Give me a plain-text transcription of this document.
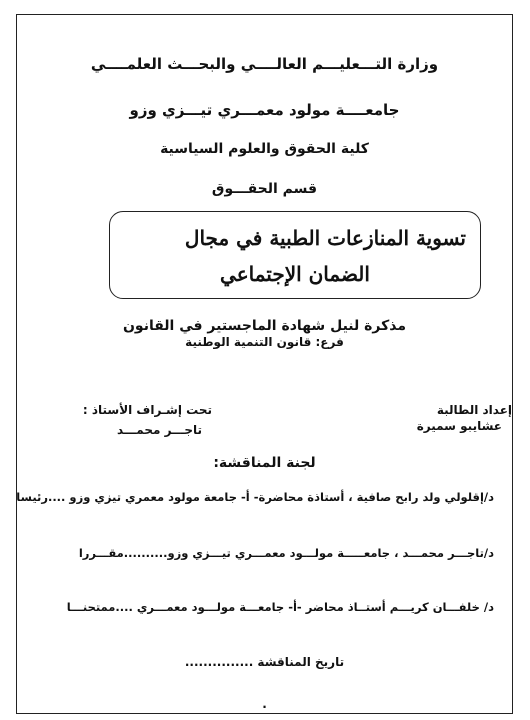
وزارة التـــعليـــم العالــــي والبحـــث العلمــــي
جامعــــة مولود معمـــري تيـــزي وزو
كلية الحقوق والعلوم السياسية
قسم الحقـــوق
تسوية المنازعات الطبية في مجال
الضمان الإجتماعي
مذكرة لنيل شهادة الماجستير في القانون
فرع: قانون التنمية الوطنية
إعداد الطالبة
عشايبو سميرة
تحت إشـراف الأستاذ :
تاجـــر محمـــد
لجنة المناقشة:
د/إقلولي ولد رابح صافية ، أستاذة محاضرة- أ- جامعة مولود معمري تيزي وزو ....رئيسا
د/تاجـــر محمـــد ، جامعـــــة مولـــود معمـــري تيـــزي وزو..........مقـــررا
د/ خلفـــان كريـــم أستــاذ محاضر -أ- جامعـــة مولـــود معمـــري ....ممتحنـــا
تاريخ المناقشة ...............
.
